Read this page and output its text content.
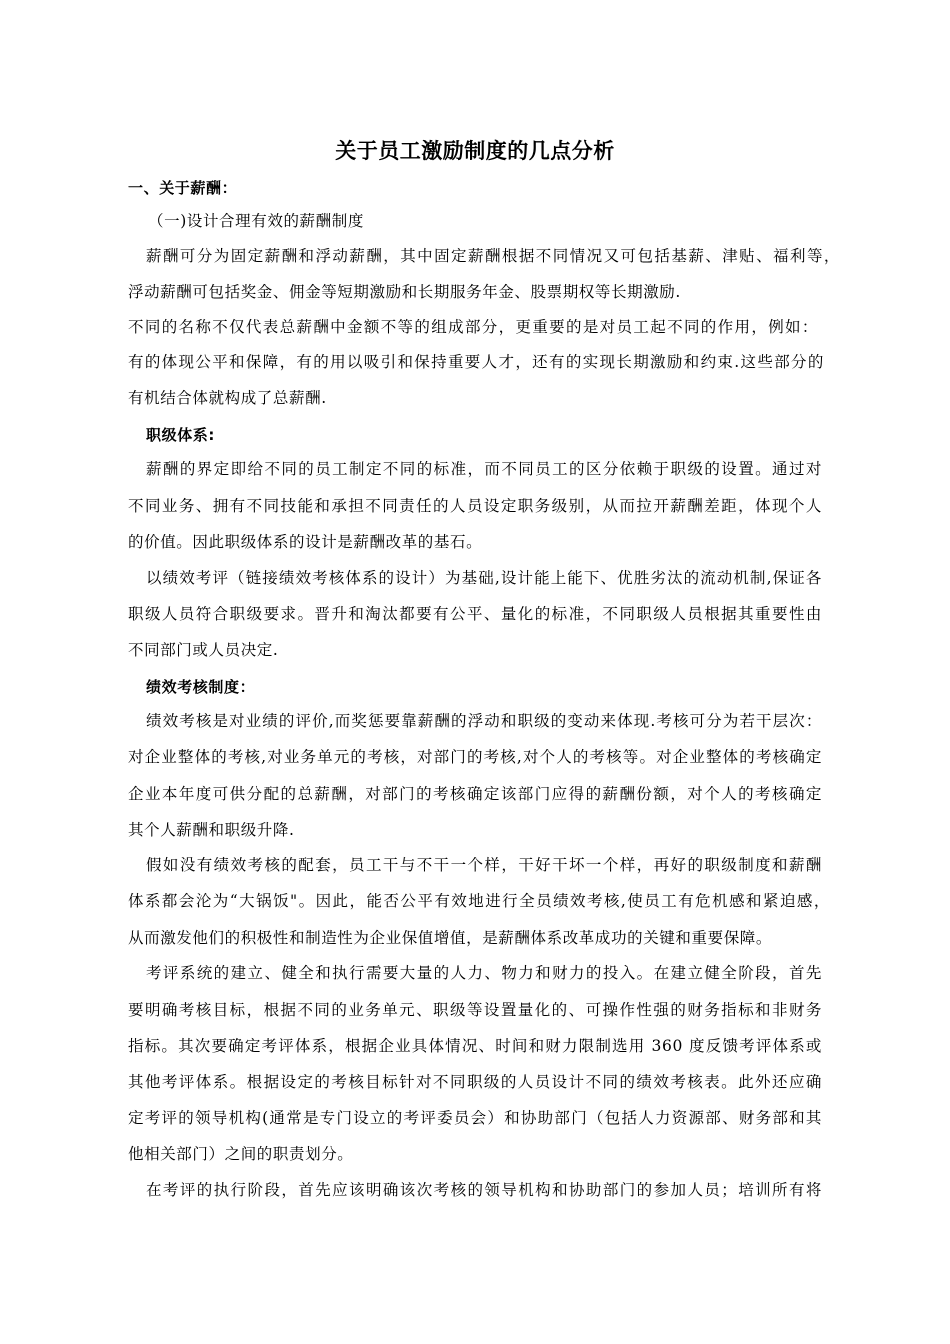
关于员工激励制度的几点分析
一、关于薪酬：
（一)设计合理有效的薪酬制度
薪酬可分为固定薪酬和浮动薪酬，其中固定薪酬根据不同情况又可包括基薪、津贴、福利等，
浮动薪酬可包括奖金、佣金等短期激励和长期服务年金、股票期权等长期激励.
不同的名称不仅代表总薪酬中金额不等的组成部分，更重要的是对员工起不同的作用，例如：
有的体现公平和保障，有的用以吸引和保持重要人才，还有的实现长期激励和约束.这些部分的
有机结合体就构成了总薪酬.
职级体系:
薪酬的界定即给不同的员工制定不同的标准，而不同员工的区分依赖于职级的设置。通过对
不同业务、拥有不同技能和承担不同责任的人员设定职务级别，从而拉开薪酬差距，体现个人
的价值。因此职级体系的设计是薪酬改革的基石。
以绩效考评（链接绩效考核体系的设计）为基础,设计能上能下、优胜劣汰的流动机制,保证各
职级人员符合职级要求。晋升和淘汰都要有公平、量化的标准，不同职级人员根据其重要性由
不同部门或人员决定.
绩效考核制度：
绩效考核是对业绩的评价,而奖惩要靠薪酬的浮动和职级的变动来体现.考核可分为若干层次：
对企业整体的考核,对业务单元的考核，对部门的考核,对个人的考核等。对企业整体的考核确定
企业本年度可供分配的总薪酬，对部门的考核确定该部门应得的薪酬份额，对个人的考核确定
其个人薪酬和职级升降.
假如没有绩效考核的配套，员工干与不干一个样，干好干坏一个样，再好的职级制度和薪酬
体系都会沦为“大锅饭"。因此，能否公平有效地进行全员绩效考核,使员工有危机感和紧迫感，
从而激发他们的积极性和制造性为企业保值增值，是薪酬体系改革成功的关键和重要保障。
考评系统的建立、健全和执行需要大量的人力、物力和财力的投入。在建立健全阶段，首先
要明确考核目标，根据不同的业务单元、职级等设置量化的、可操作性强的财务指标和非财务
指标。其次要确定考评体系，根据企业具体情况、时间和财力限制选用 360 度反馈考评体系或
其他考评体系。根据设定的考核目标针对不同职级的人员设计不同的绩效考核表。此外还应确
定考评的领导机构(通常是专门设立的考评委员会）和协助部门（包括人力资源部、财务部和其
他相关部门）之间的职责划分。
在考评的执行阶段，首先应该明确该次考核的领导机构和协助部门的参加人员；培训所有将
